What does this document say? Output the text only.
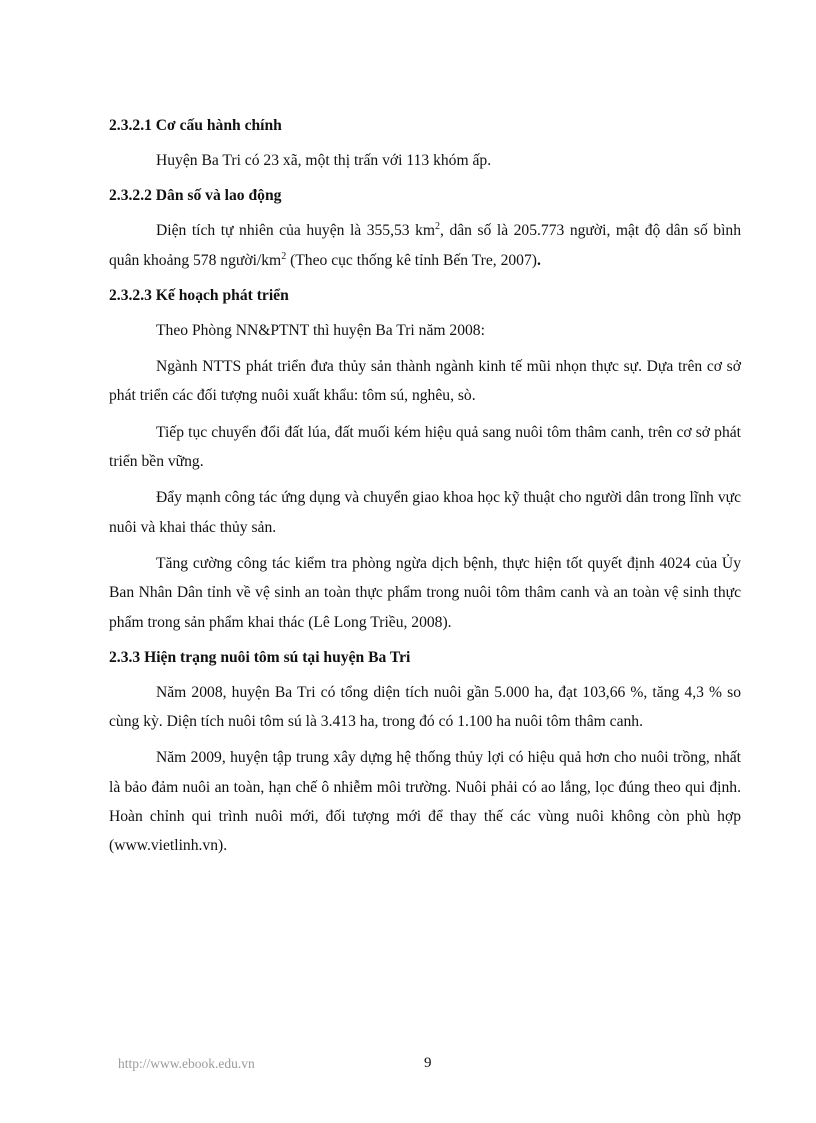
2.3.2.1 Cơ cấu hành chính

Huyện Ba Tri có 23 xã, một thị trấn với 113 khóm ấp.

2.3.2.2 Dân số và lao động

Diện tích tự nhiên của huyện là 355,53 $km^2$, dân số là 205.773 người, mật độ dân số bình quân khoảng 578 người/$km^2$ (Theo cục thống kê tỉnh Bến Tre, 2007).

2.3.2.3 Kế hoạch phát triển

Theo Phòng NN&PTNT thì huyện Ba Tri năm 2008:

Ngành NTTS phát triển đưa thủy sản thành ngành kinh tế mũi nhọn thực sự. Dựa trên cơ sở phát triển các đối tượng nuôi xuất khẩu: tôm sú, nghêu, sò.

Tiếp tục chuyển đổi đất lúa, đất muối kém hiệu quả sang nuôi tôm thâm canh, trên cơ sở phát triển bền vững.

Đẩy mạnh công tác ứng dụng và chuyển giao khoa học kỹ thuật cho người dân trong lĩnh vực nuôi và khai thác thủy sản.

Tăng cường công tác kiểm tra phòng ngừa dịch bệnh, thực hiện tốt quyết định 4024 của Ủy Ban Nhân Dân tỉnh về vệ sinh an toàn thực phẩm trong nuôi tôm thâm canh và an toàn vệ sinh thực phẩm trong sản phẩm khai thác (Lê Long Triều, 2008).

2.3.3 Hiện trạng nuôi tôm sú tại huyện Ba Tri

Năm 2008, huyện Ba Tri có tổng diện tích nuôi gần 5.000 ha, đạt 103,66 %, tăng 4,3 % so cùng kỳ. Diện tích nuôi tôm sú là 3.413 ha, trong đó có 1.100 ha nuôi tôm thâm canh.

Năm 2009, huyện tập trung xây dựng hệ thống thủy lợi có hiệu quả hơn cho nuôi trồng, nhất là bảo đảm nuôi an toàn, hạn chế ô nhiễm môi trường. Nuôi phải có ao lắng, lọc đúng theo qui định. Hoàn chỉnh qui trình nuôi mới, đối tượng mới để thay thế các vùng nuôi không còn phù hợp (www.vietlinh.vn).

http://www.ebook.edu.vn	9
